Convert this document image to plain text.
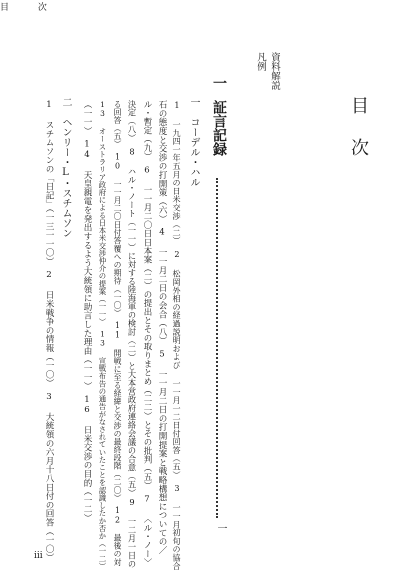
目	次
目次
凡例 資料解説
一
証言記録
一
一　コーデル・ハル
1 一九四一年五月の日米交渉（二）　2 松岡外相の経過説明および 一一月一二日付回答（五）　3 一一月初旬の協合
石の態度と交渉の打開策（六）　4 一一月二日の会合（八）　5 一一月二日の打開提案と戦略構想についての／
ル・暫定（九）　6 一一月二〇日日本案（二）の提出とその取りまとめ（二二）とその批判（五）　7 〈ル・ノー〉
決定（八）　8 ハル・ノート（一一）に対する陸海軍の検討（二）と大本営政府連絡会議の合意（五）9 一二月一日の
る回答（五）　10 一一月二〇日付答覆への期待（一〇）　11 開戦に至る経緯と交渉の最終段階（二〇）　12 最後の対
13 オーストラリア政府による日本米交渉仲介の提案（一一）　13 宣戦布告の通告がなされていたことを認識したか否か（一二）
（一一）　14 天皇親電を発出するよう大統領に助言した理由（一一）　16 日米交渉の目的（一二）
二　ヘンリー・L・スチムソン
1 スチムソンの「日記」（一三一一〇）　2 日米戦争の情報（一〇）　3 大統領の六月十八日付の回答（一〇）
iii
